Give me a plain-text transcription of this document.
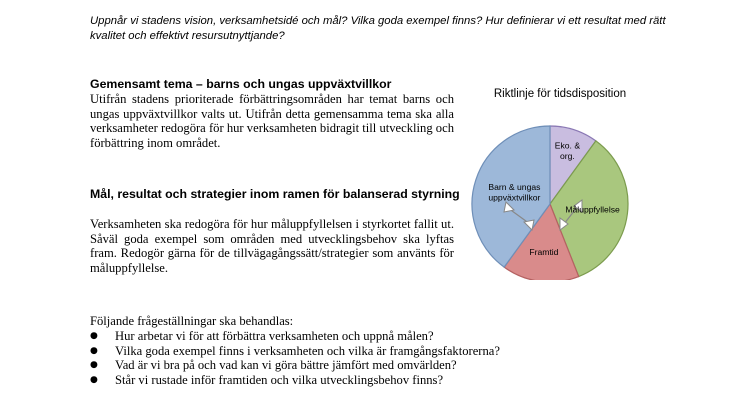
Uppnår vi stadens vision, verksamhetsidé och mål? Vilka goda exempel finns? Hur definierar vi ett resultat med rätt kvalitet och effektivt resursutnyttjande?
Gemensamt tema – barns och ungas uppväxtvillkor
Utifrån stadens prioriterade förbättringsområden har temat barns och ungas uppväxtvillkor valts ut. Utifrån detta gemensamma tema ska alla verksamheter redogöra för hur verksamheten bidragit till utveckling och förbättring inom området.
Mål, resultat och strategier inom ramen för balanserad styrning
Verksamheten ska redogöra för hur måluppfyllelsen i styrkortet fallit ut. Såväl goda exempel som områden med utvecklingsbehov ska lyftas fram. Redogör gärna för de tillvägagångssätt/strategier som använts för måluppfyllelse.
Riktlinje för tidsdisposition
Eko. & org.
Måluppfyllelse
Framtid
Barn & ungas uppväxtvillkor
Följande frågeställningar ska behandlas:
● Hur arbetar vi för att förbättra verksamheten och uppnå målen?
● Vilka goda exempel finns i verksamheten och vilka är framgångsfaktorerna?
● Vad är vi bra på och vad kan vi göra bättre jämfört med omvärlden?
● Står vi rustade inför framtiden och vilka utvecklingsbehov finns?
